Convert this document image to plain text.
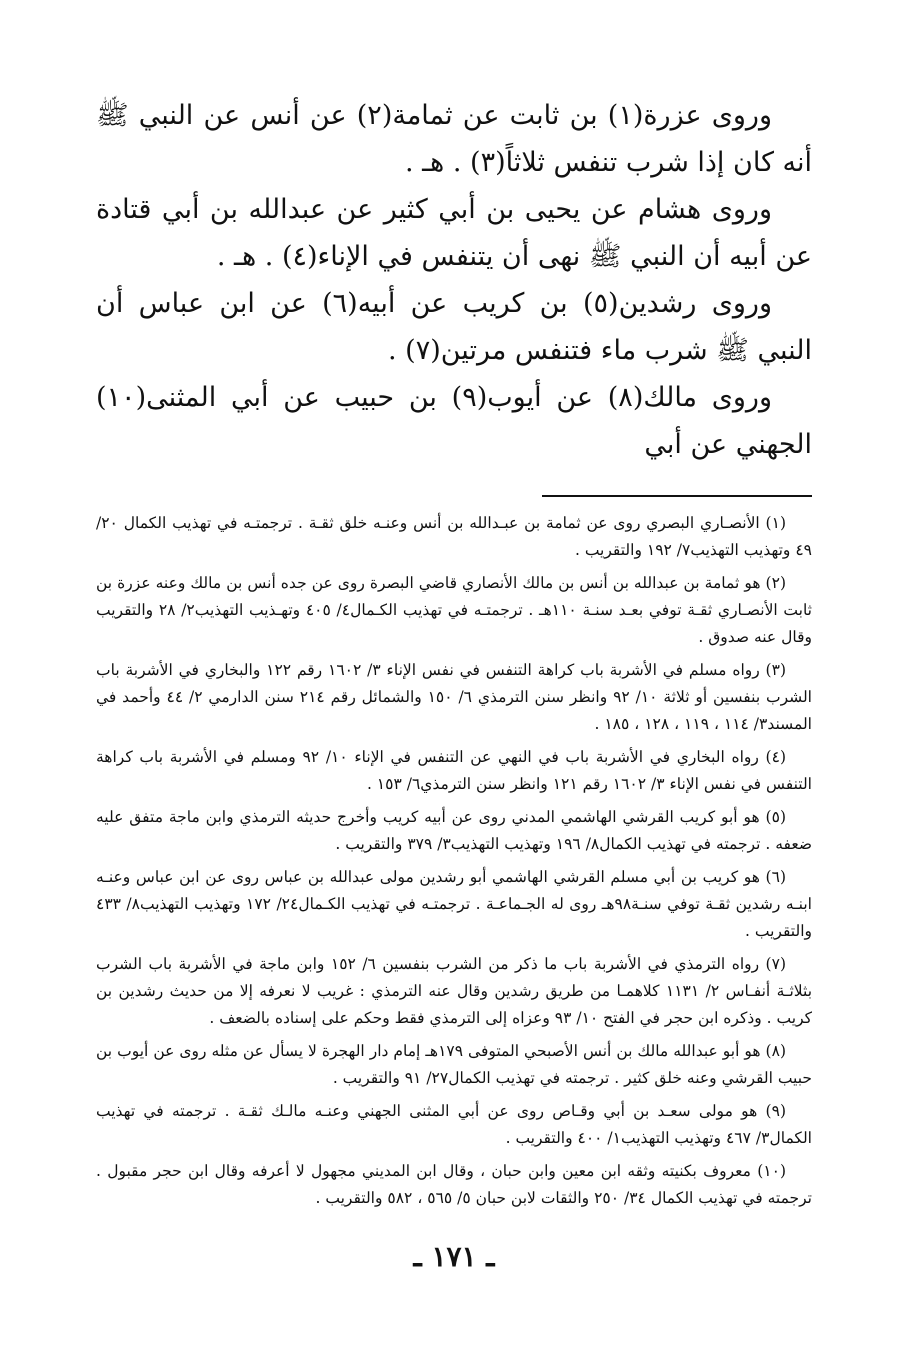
وروى عزرة(١) بن ثابت عن ثمامة(٢) عن أنس عن النبي ﷺ أنه كان إذا شرب تنفس ثلاثاً(٣) . هـ .

وروى هشام عن يحيى بن أبي كثير عن عبدالله بن أبي قتادة عن أبيه أن النبي ﷺ نهى أن يتنفس في الإناء(٤) . هـ .

وروى رشدين(٥) بن كريب عن أبيه(٦) عن ابن عباس أن النبي ﷺ شرب ماء فتنفس مرتين(٧) .

وروى مالك(٨) عن أيوب(٩) بن حبيب عن أبي المثنى(١٠) الجهني عن أبي

(١) الأنصـاري البصري روى عن ثمامة بن عبـدالله بن أنس وعنـه خلق ثقـة . ترجمتـه في تهذيب الكمال ٢٠/ ٤٩ وتهذيب التهذيب٧/ ١٩٢ والتقريب .

(٢) هو ثمامة بن عبدالله بن أنس بن مالك الأنصاري قاضي البصرة روى عن جده أنس بن مالك وعنه عزرة بن ثابت الأنصـاري ثقـة توفي بعـد سنـة ١١٠هـ . ترجمتـه في تهذيب الكـمال٤/ ٤٠٥ وتهـذيب التهذيب٢/ ٢٨ والتقريب وقال عنه صدوق .

(٣) رواه مسلم في الأشربة باب كراهة التنفس في نفس الإناء ٣/ ١٦٠٢ رقم ١٢٢ والبخاري في الأشربة باب الشرب بنفسين أو ثلاثة ١٠/ ٩٢ وانظر سنن الترمذي ٦/ ١٥٠ والشمائل رقم ٢١٤ سنن الدارمي ٢/ ٤٤ وأحمد في المسند٣/ ١١٤ ، ١١٩ ، ١٢٨ ، ١٨٥ .

(٤) رواه البخاري في الأشربة باب في النهي عن التنفس في الإناء ١٠/ ٩٢ ومسلم في الأشربة باب كراهة التنفس في نفس الإناء ٣/ ١٦٠٢ رقم ١٢١ وانظر سنن الترمذي٦/ ١٥٣ .

(٥) هو أبو كريب القرشي الهاشمي المدني روى عن أبيه كريب وأخرج حديثه الترمذي وابن ماجة متفق عليه ضعفه . ترجمته في تهذيب الكمال٨/ ١٩٦ وتهذيب التهذيب٣/ ٣٧٩ والتقريب .

(٦) هو كريب بن أبي مسلم القرشي الهاشمي أبو رشدين مولى عبدالله بن عباس روى عن ابن عباس وعنـه ابنـه رشدين ثقـة توفي سنـة٩٨هـ روى له الجـماعـة . ترجمتـه في تهذيب الكـمال٢٤/ ١٧٢ وتهذيب التهذيب٨/ ٤٣٣ والتقريب .

(٧) رواه الترمذي في الأشربة باب ما ذكر من الشرب بنفسين ٦/ ١٥٢ وابن ماجة في الأشربة باب الشرب بثلاثـة أنفـاس ٢/ ١١٣١ كلاهمـا من طريق رشدين وقال عنه الترمذي : غريب لا نعرفه إلا من حديث رشدين بن كريب . وذكره ابن حجر في الفتح ١٠/ ٩٣ وعزاه إلى الترمذي فقط وحكم على إسناده بالضعف .

(٨) هو أبو عبدالله مالك بن أنس الأصبحي المتوفى ١٧٩هـ إمام دار الهجرة لا يسأل عن مثله روى عن أيوب بن حبيب القرشي وعنه خلق كثير . ترجمته في تهذيب الكمال٢٧/ ٩١ والتقريب .

(٩) هو مولى سعـد بن أبي وقـاص روى عن أبي المثنى الجهني وعنـه مالـك ثقـة . ترجمته في تهذيب الكمال٣/ ٤٦٧ وتهذيب التهذيب١/ ٤٠٠ والتقريب .

(١٠) معروف بكنيته وثقه ابن معين وابن حبان ، وقال ابن المديني مجهول لا أعرفه وقال ابن حجر مقبول . ترجمته في تهذيب الكمال ٣٤/ ٢٥٠ والثقات لابن حبان ٥/ ٥٦٥ ، ٥٨٢ والتقريب .

ـ ١٧١ ـ
